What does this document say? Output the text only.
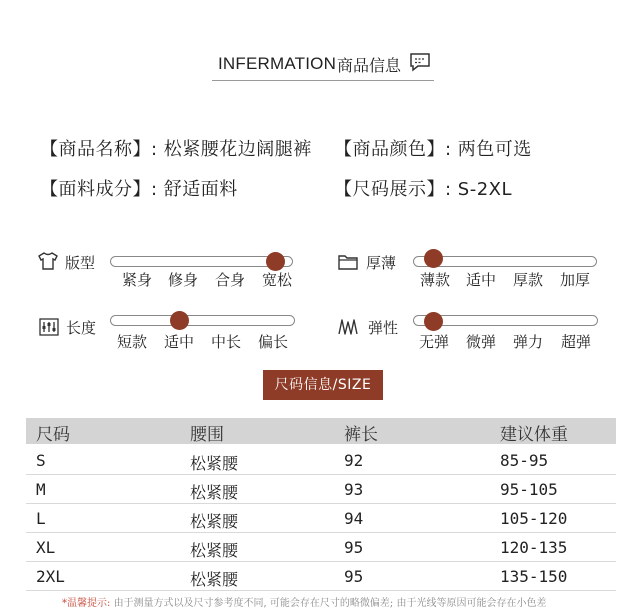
INFERMATION 商品信息
【商品名称】: 松紧腰花边阔腿裤 【商品颜色】: 两色可选
【面料成分】: 舒适面料	【尺码展示】: S-2XL
版型
紧身	修身	合身	宽松
厚薄
薄款	适中	厚款	加厚
长度
短款	适中	中长	偏长
弹性
无弹	微弹	弹力	超弹
尺码信息/SIZE
尺码	腰围	裤长	建议体重
S	松紧腰	92	85-95
M	松紧腰	93	95-105
L	松紧腰	94	105-120
XL	松紧腰	95	120-135
2XL	松紧腰	95	135-150
*温馨提示: 由于测量方式以及尺寸参考度不同, 可能会存在尺寸的略微偏差; 由于光线等原因可能会存在小色差
